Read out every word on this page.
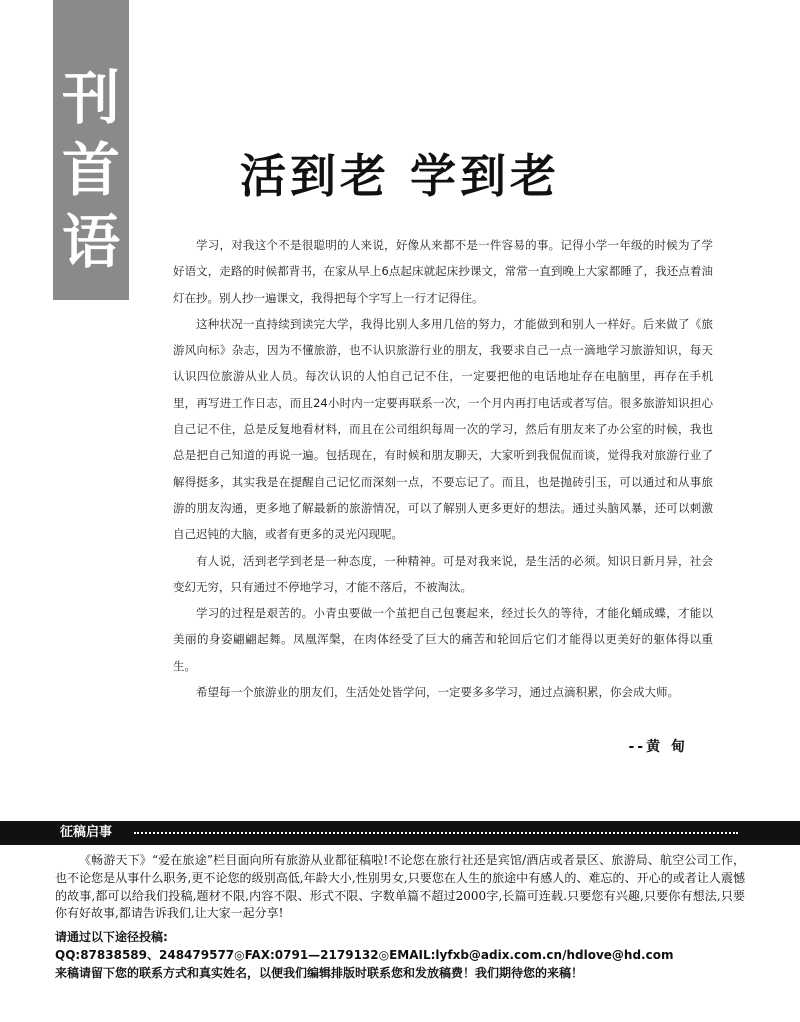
刊
首
语
活到老 学到老

学习，对我这个不是很聪明的人来说，好像从来都不是一件容易的事。记得小学一年级的时候为了学好语文，走路的时候都背书，在家从早上6点起床就起床抄课文，常常一直到晚上大家都睡了，我还点着油灯在抄。别人抄一遍课文，我得把每个字写上一行才记得住。

这种状况一直持续到读完大学，我得比别人多用几倍的努力，才能做到和别人一样好。后来做了《旅游风向标》杂志，因为不懂旅游，也不认识旅游行业的朋友，我要求自己一点一滴地学习旅游知识，每天认识四位旅游从业人员。每次认识的人怕自己记不住，一定要把他的电话地址存在电脑里，再存在手机里，再写进工作日志，而且24小时内一定要再联系一次，一个月内再打电话或者写信。很多旅游知识担心自己记不住，总是反复地看材料，而且在公司组织每周一次的学习，然后有朋友来了办公室的时候，我也总是把自己知道的再说一遍。包括现在，有时候和朋友聊天，大家听到我侃侃而谈，觉得我对旅游行业了解得挺多，其实我是在提醒自己记忆而深刻一点，不要忘记了。而且，也是抛砖引玉，可以通过和从事旅游的朋友沟通，更多地了解最新的旅游情况，可以了解别人更多更好的想法。通过头脑风暴，还可以刺激自己迟钝的大脑，或者有更多的灵光闪现呢。

有人说，活到老学到老是一种态度，一种精神。可是对我来说，是生活的必须。知识日新月异，社会变幻无穷，只有通过不停地学习，才能不落后，不被淘汰。

学习的过程是艰苦的。小青虫要做一个茧把自己包裹起来，经过长久的等待，才能化蛹成蝶，才能以美丽的身姿翩翩起舞。凤凰浑槃，在肉体经受了巨大的痛苦和轮回后它们才能得以更美好的躯体得以重生。

希望每一个旅游业的朋友们，生活处处皆学问，一定要多多学习，通过点滴积累，你会成大师。

--黄 甸
征稿启事

《畅游天下》“爱在旅途”栏目面向所有旅游从业都征稿啦!不论您在旅行社还是宾馆/酒店或者景区、旅游局、航空公司工作，也不论您是从事什么职务,更不论您的级别高低,年龄大小,性别男女,只要您在人生的旅途中有感人的、难忘的、开心的或者让人震憾的故事,都可以给我们投稿,题材不限,内容不限、形式不限、字数单篇不超过2000字,长篇可连载.只要您有兴趣,只要你有想法,只要你有好故事,都请告诉我们,让大家一起分享!

请通过以下途径投稿:
QQ:87838589、248479577◎FAX:0791—2179132◎EMAIL:lyfxb@adix.com.cn/hdlove@hd.com
来稿请留下您的联系方式和真实姓名，以便我们编辑排版时联系您和发放稿费！我们期待您的来稿！
